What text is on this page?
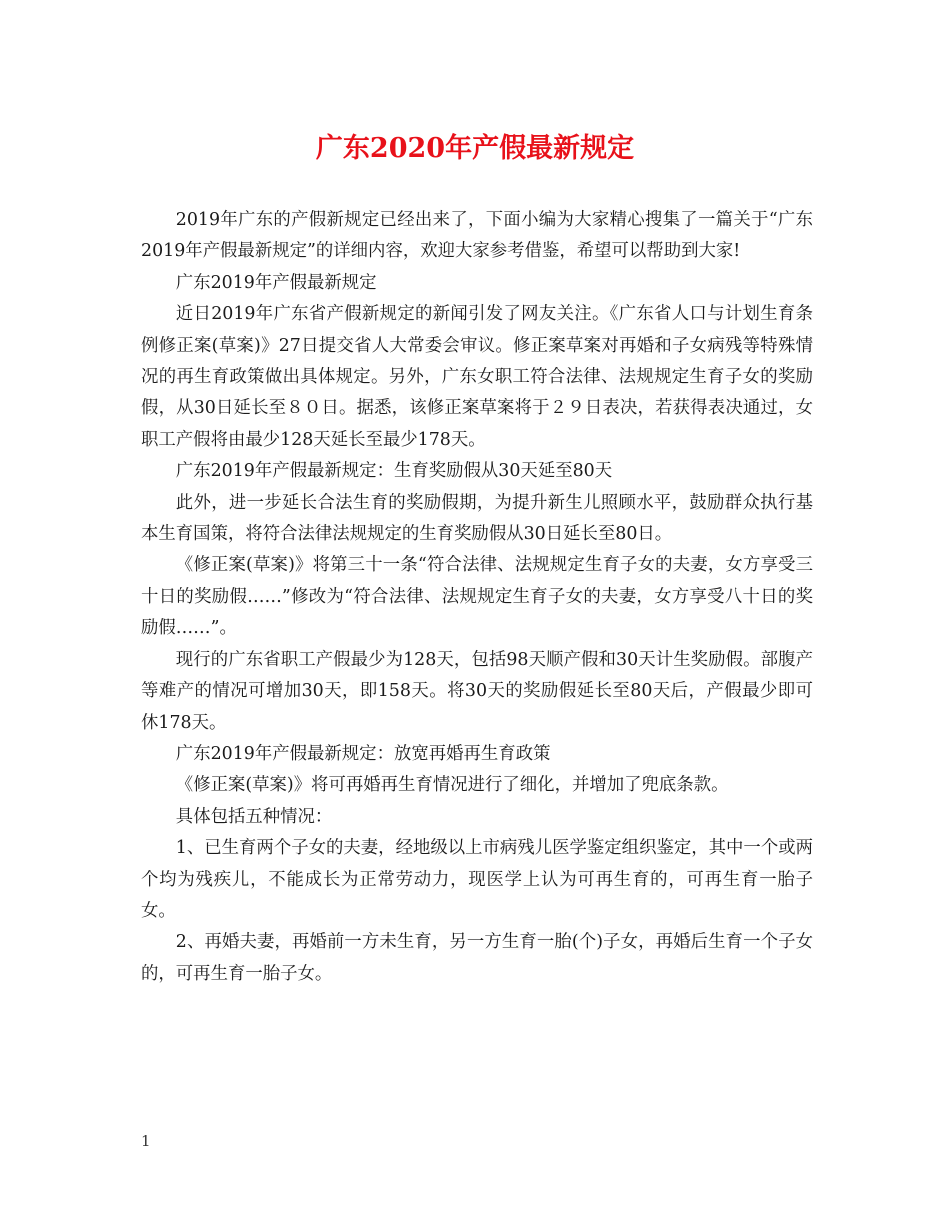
广东2020年产假最新规定

2019年广东的产假新规定已经出来了，下面小编为大家精心搜集了一篇关于“广东2019年产假最新规定”的详细内容，欢迎大家参考借鉴，希望可以帮助到大家!

广东2019年产假最新规定

近日2019年广东省产假新规定的新闻引发了网友关注。《广东省人口与计划生育条例修正案(草案)》27日提交省人大常委会审议。修正案草案对再婚和子女病残等特殊情况的再生育政策做出具体规定。另外，广东女职工符合法律、法规规定生育子女的奖励假，从30日延长至８０日。据悉，该修正案草案将于２９日表决，若获得表决通过，女职工产假将由最少128天延长至最少178天。

广东2019年产假最新规定：生育奖励假从30天延至80天

此外，进一步延长合法生育的奖励假期，为提升新生儿照顾水平，鼓励群众执行基本生育国策，将符合法律法规规定的生育奖励假从30日延长至80日。

《修正案(草案)》将第三十一条“符合法律、法规规定生育子女的夫妻，女方享受三十日的奖励假……”修改为“符合法律、法规规定生育子女的夫妻，女方享受八十日的奖励假……”。

现行的广东省职工产假最少为128天，包括98天顺产假和30天计生奖励假。部腹产等难产的情况可增加30天，即158天。将30天的奖励假延长至80天后，产假最少即可休178天。

广东2019年产假最新规定：放宽再婚再生育政策

《修正案(草案)》将可再婚再生育情况进行了细化，并增加了兜底条款。

具体包括五种情况：

1、已生育两个子女的夫妻，经地级以上市病残儿医学鉴定组织鉴定，其中一个或两个均为残疾儿，不能成长为正常劳动力，现医学上认为可再生育的，可再生育一胎子女。

2、再婚夫妻，再婚前一方未生育，另一方生育一胎(个)子女，再婚后生育一个子女的，可再生育一胎子女。

1
